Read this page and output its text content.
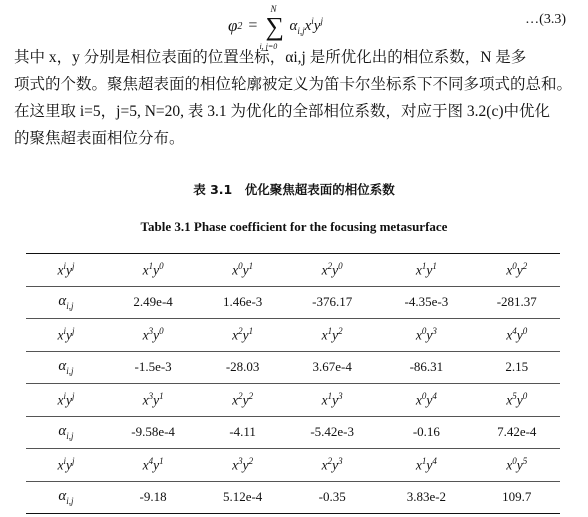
φ 2 =
N
∑
i, j=0
$\alpha_{i,j}x^iy^j$	…(3.3)
其中 x，y 分别是相位表面的位置坐标，αi,j 是所优化出的相位系数，N 是多
项式的个数。聚焦超表面的相位轮廓被定义为笛卡尔坐标系下不同多项式的总和。
在这里取 i=5，j=5, N=20, 表 3.1 为优化的全部相位系数，对应于图 3.2(c)中优化
的聚焦超表面相位分布。
表 3.1　优化聚焦超表面的相位系数
Table 3.1 Phase coefficient for the focusing metasurface
$x^iy^j$	$x^1y^0$	$x^0y^1$	$x^2y^0$	$x^1y^1$	$x^0y^2$
$\alpha_{i,j}$	2.49e-4	1.46e-3	-376.17	-4.35e-3	-281.37
$x^iy^j$	$x^3y^0$	$x^2y^1$	$x^1y^2$	$x^0y^3$	$x^4y^0$
$\alpha_{i,j}$	-1.5e-3	-28.03	3.67e-4	-86.31	2.15
$x^iy^j$	$x^3y^1$	$x^2y^2$	$x^1y^3$	$x^0y^4$	$x^5y^0$
$\alpha_{i,j}$	-9.58e-4	-4.11	-5.42e-3	-0.16	7.42e-4
$x^iy^j$	$x^4y^1$	$x^3y^2$	$x^2y^3$	$x^1y^4$	$x^0y^5$
$\alpha_{i,j}$	-9.18	5.12e-4	-0.35	3.83e-2	109.7
